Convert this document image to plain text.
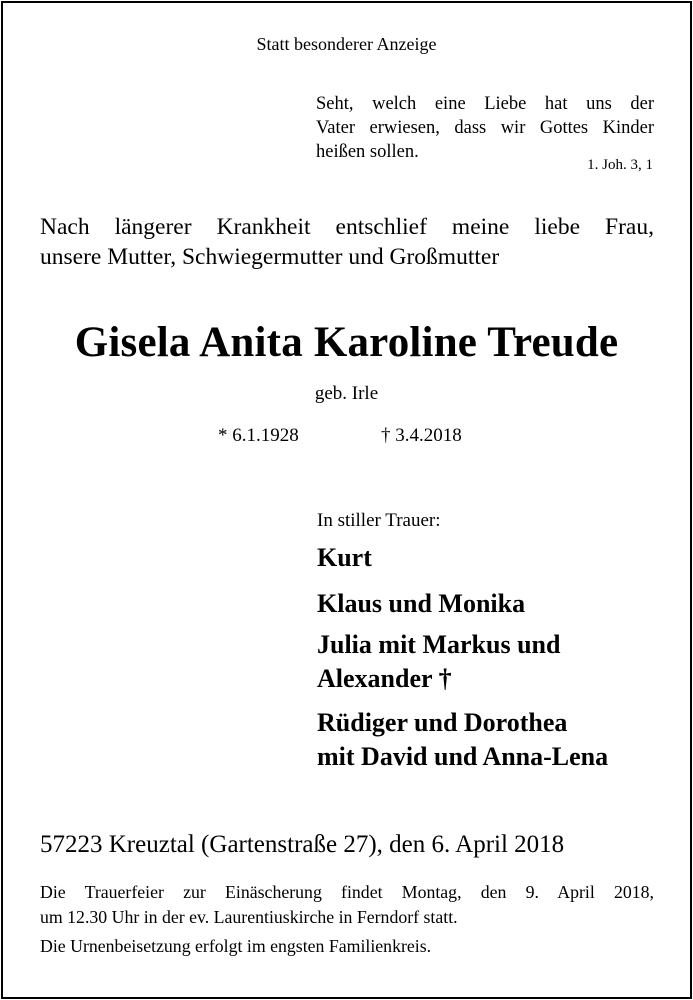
Statt besonderer Anzeige
Seht, welch eine Liebe hat uns der
Vater erwiesen, dass wir Gottes Kinder
heißen sollen.
1. Joh. 3, 1
Nach längerer Krankheit entschlief meine liebe Frau,
unsere Mutter, Schwiegermutter und Großmutter
Gisela Anita Karoline Treude
geb. Irle
* 6.1.1928	† 3.4.2018
In stiller Trauer:
Kurt
Klaus und Monika
Julia mit Markus und
Alexander †
Rüdiger und Dorothea
mit David und Anna-Lena
57223 Kreuztal (Gartenstraße 27), den 6. April 2018
Die Trauerfeier zur Einäscherung findet Montag, den 9. April 2018,
um 12.30 Uhr in der ev. Laurentiuskirche in Ferndorf statt.
Die Urnenbeisetzung erfolgt im engsten Familienkreis.
